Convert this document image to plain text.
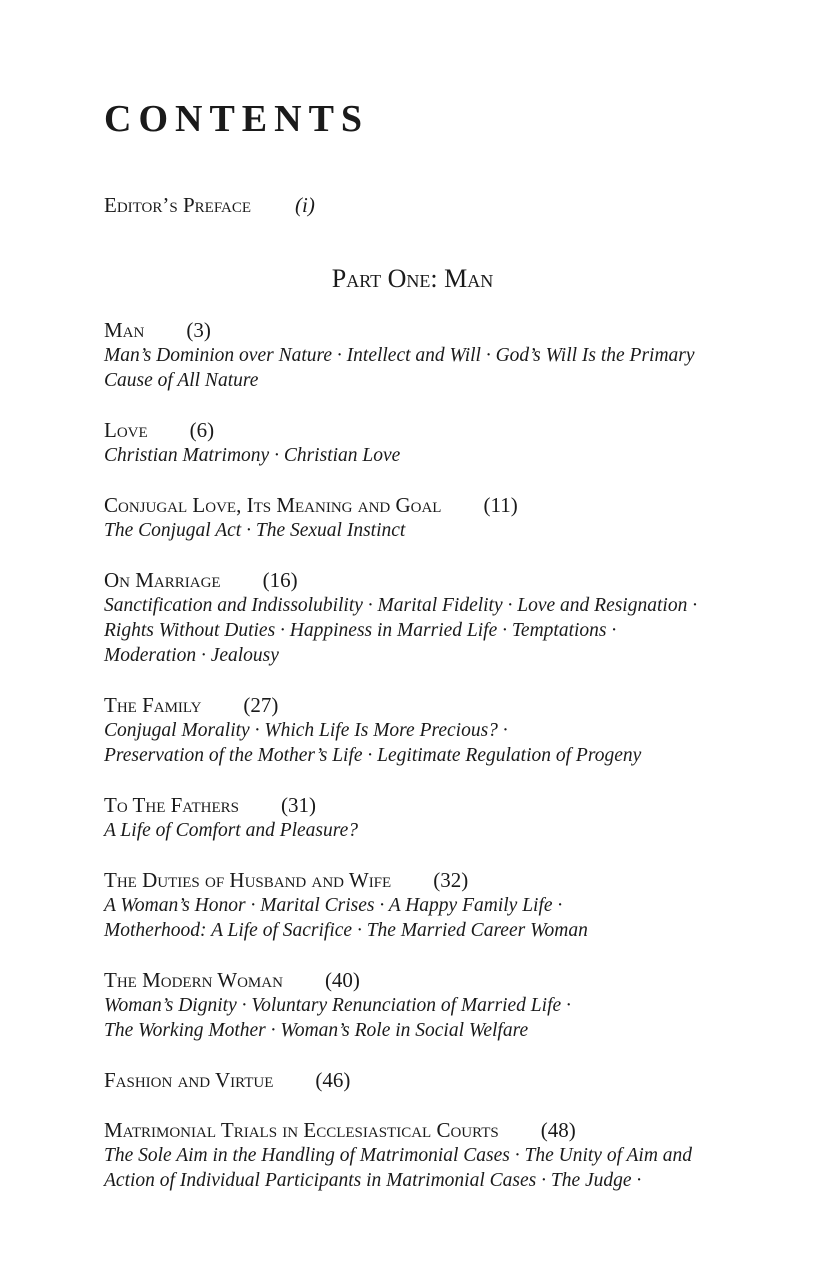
CONTENTS
Editor’s Preface (i)
Part One: Man
Man (3)
Man’s Dominion over Nature · Intellect and Will · God’s Will Is the Primary
Cause of All Nature
Love (6)
Christian Matrimony · Christian Love
Conjugal Love, Its Meaning and Goal (11)
The Conjugal Act · The Sexual Instinct
On Marriage (16)
Sanctification and Indissolubility · Marital Fidelity · Love and Resignation ·
Rights Without Duties · Happiness in Married Life · Temptations ·
Moderation · Jealousy
The Family (27)
Conjugal Morality · Which Life Is More Precious? ·
Preservation of the Mother’s Life · Legitimate Regulation of Progeny
To The Fathers (31)
A Life of Comfort and Pleasure?
The Duties of Husband and Wife (32)
A Woman’s Honor · Marital Crises · A Happy Family Life ·
Motherhood: A Life of Sacrifice · The Married Career Woman
The Modern Woman (40)
Woman’s Dignity · Voluntary Renunciation of Married Life ·
The Working Mother · Woman’s Role in Social Welfare
Fashion and Virtue (46)
Matrimonial Trials in Ecclesiastical Courts (48)
The Sole Aim in the Handling of Matrimonial Cases · The Unity of Aim and
Action of Individual Participants in Matrimonial Cases · The Judge ·
